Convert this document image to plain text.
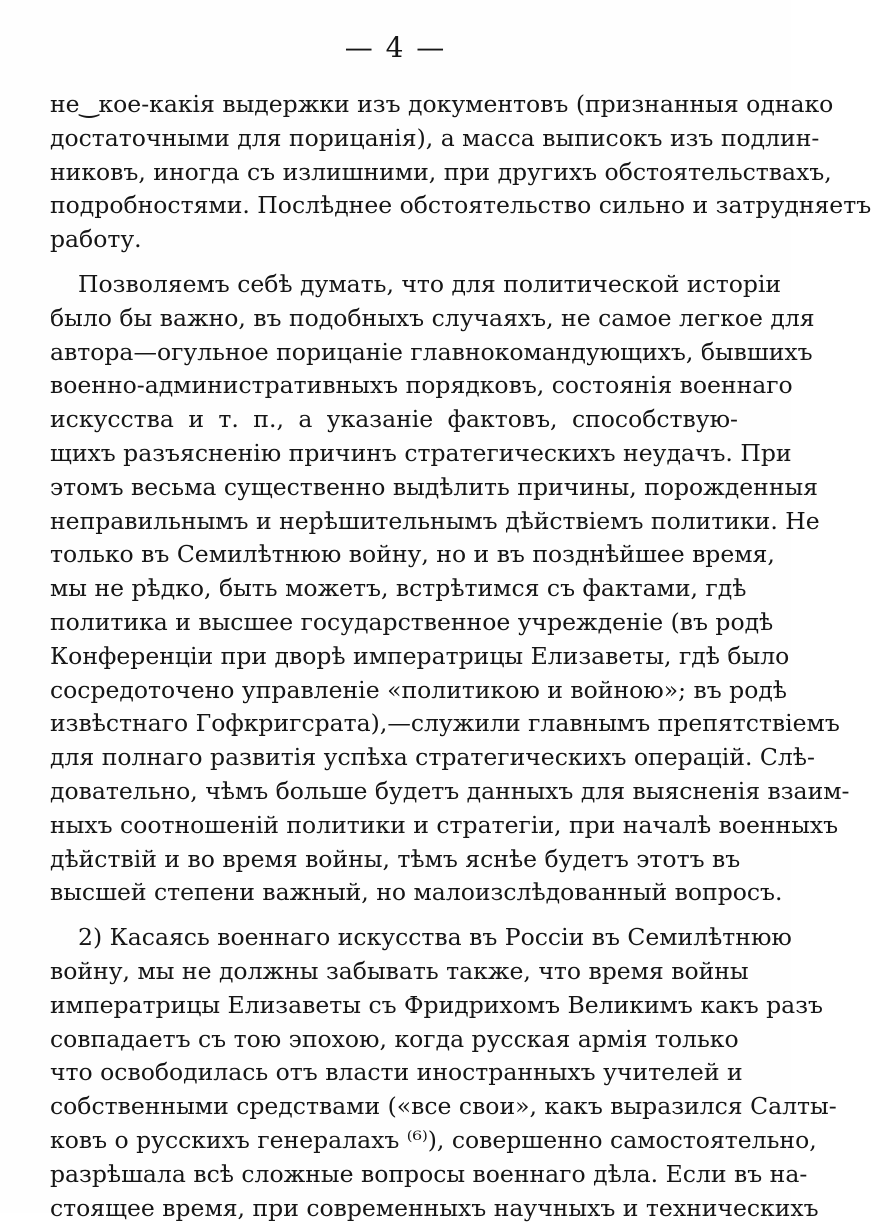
— 4 —

не‿кое-какія выдержки изъ документовъ (признанныя однако
достаточными для порицанія), а масса выписокъ изъ подлин-
никовъ, иногда съ излишними, при другихъ обстоятельствахъ,
подробностями. Послѣднее обстоятельство сильно и затрудняетъ
работу.
Позволяемъ себѣ думать, что для политической исторіи
было бы важно, въ подобныхъ случаяхъ, не самое легкое для
автора—огульное порицаніе главнокомандующихъ, бывшихъ
военно-административныхъ порядковъ, состоянія военнаго
искусства и т. п., а указаніе фактовъ, способствую-
щихъ разъясненію причинъ стратегическихъ неудачъ. При
этомъ весьма существенно выдѣлить причины, порожденныя
неправильнымъ и нерѣшительнымъ дѣйствіемъ политики. Не
только въ Семилѣтнюю войну, но и въ позднѣйшее время,
мы не рѣдко, быть можетъ, встрѣтимся съ фактами, гдѣ
политика и высшее государственное учрежденіе (въ родѣ
Конференціи при дворѣ императрицы Елизаветы, гдѣ было
сосредоточено управленіе «политикою и войною»; въ родѣ
извѣстнаго Гофкригсрата),—служили главнымъ препятствіемъ
для полнаго развитія успѣха стратегическихъ операцій. Слѣ-
довательно, чѣмъ больше будетъ данныхъ для выясненія взаим-
ныхъ соотношеній политики и стратегіи, при началѣ военныхъ
дѣйствій и во время войны, тѣмъ яснѣе будетъ этотъ въ
высшей степени важный, но малоизслѣдованный вопросъ.
2) Касаясь военнаго искусства въ Россіи въ Семилѣтнюю
войну, мы не должны забывать также, что время войны
императрицы Елизаветы съ Фридрихомъ Великимъ какъ разъ
совпадаетъ съ тою эпохою, когда русская армія только
что освободилась отъ власти иностранныхъ учителей и
собственными средствами («все свои», какъ выразился Салты-
ковъ о русскихъ генералахъ ⁽⁶⁾), совершенно самостоятельно,
разрѣшала всѣ сложные вопросы военнаго дѣла. Если въ на-
стоящее время, при современныхъ научныхъ и техническихъ
